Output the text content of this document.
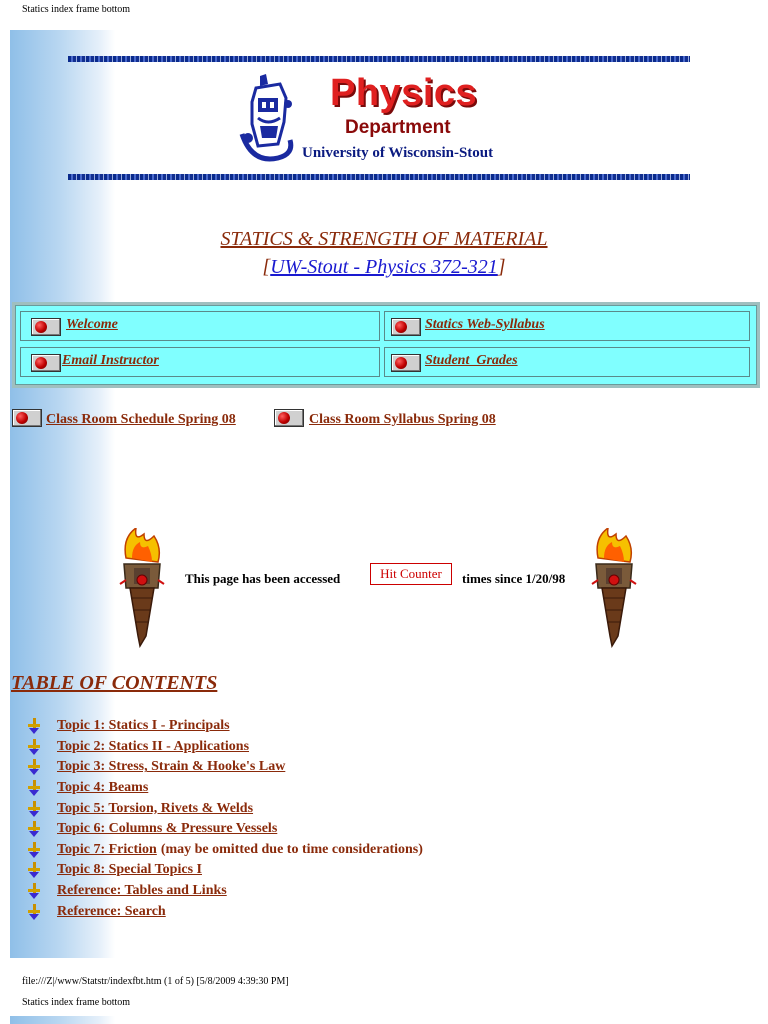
Statics index frame bottom
Physics
Department
University of Wisconsin-Stout
STATICS & STRENGTH OF MATERIAL
[UW-Stout - Physics 372-321]
Welcome	Statics Web-Syllabus
Email Instructor	Student  Grades
Class Room Schedule Spring 08	Class Room Syllabus Spring 08
This page has been accessed	Hit Counter	times since 1/20/98
TABLE OF CONTENTS
Topic 1: Statics I - Principals
Topic 2: Statics II - Applications
Topic 3: Stress, Strain & Hooke's Law
Topic 4: Beams
Topic 5: Torsion, Rivets & Welds
Topic 6: Columns & Pressure Vessels
Topic 7: Friction (may be omitted due to time considerations)
Topic 8: Special Topics I
Reference: Tables and Links
Reference: Search
file:///Z|/www/Statstr/indexfbt.htm (1 of 5) [5/8/2009 4:39:30 PM]
Statics index frame bottom
